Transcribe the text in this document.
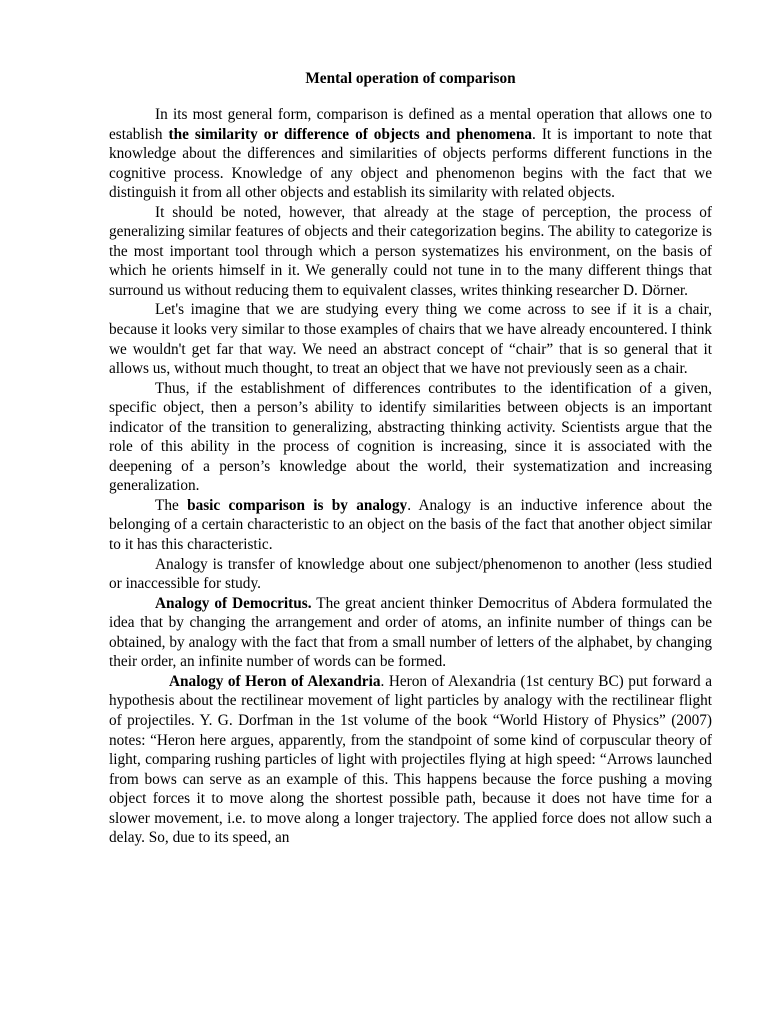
Mental operation of comparison

In its most general form, comparison is defined as a mental operation that allows one to establish the similarity or difference of objects and phenomena. It is important to note that knowledge about the differences and similarities of objects performs different functions in the cognitive process. Knowledge of any object and phenomenon begins with the fact that we distinguish it from all other objects and establish its similarity with related objects.

It should be noted, however, that already at the stage of perception, the process of generalizing similar features of objects and their categorization begins. The ability to categorize is the most important tool through which a person systematizes his environment, on the basis of which he orients himself in it. We generally could not tune in to the many different things that surround us without reducing them to equivalent classes, writes thinking researcher D. Dörner.

Let's imagine that we are studying every thing we come across to see if it is a chair, because it looks very similar to those examples of chairs that we have already encountered. I think we wouldn't get far that way. We need an abstract concept of “chair” that is so general that it allows us, without much thought, to treat an object that we have not previously seen as a chair.

Thus, if the establishment of differences contributes to the identification of a given, specific object, then a person’s ability to identify similarities between objects is an important indicator of the transition to generalizing, abstracting thinking activity. Scientists argue that the role of this ability in the process of cognition is increasing, since it is associated with the deepening of a person’s knowledge about the world, their systematization and increasing generalization.

The basic comparison is by analogy. Analogy is an inductive inference about the belonging of a certain characteristic to an object on the basis of the fact that another object similar to it has this characteristic.

Analogy is transfer of knowledge about one subject/phenomenon to another (less studied or inaccessible for study.

Analogy of Democritus. The great ancient thinker Democritus of Abdera formulated the idea that by changing the arrangement and order of atoms, an infinite number of things can be obtained, by analogy with the fact that from a small number of letters of the alphabet, by changing their order, an infinite number of words can be formed.

Analogy of Heron of Alexandria. Heron of Alexandria (1st century BC) put forward a hypothesis about the rectilinear movement of light particles by analogy with the rectilinear flight of projectiles. Y. G. Dorfman in the 1st volume of the book “World History of Physics” (2007) notes: “Heron here argues, apparently, from the standpoint of some kind of corpuscular theory of light, comparing rushing particles of light with projectiles flying at high speed: “Arrows launched from bows can serve as an example of this. This happens because the force pushing a moving object forces it to move along the shortest possible path, because it does not have time for a slower movement, i.e. to move along a longer trajectory. The applied force does not allow such a delay. So, due to its speed, an
